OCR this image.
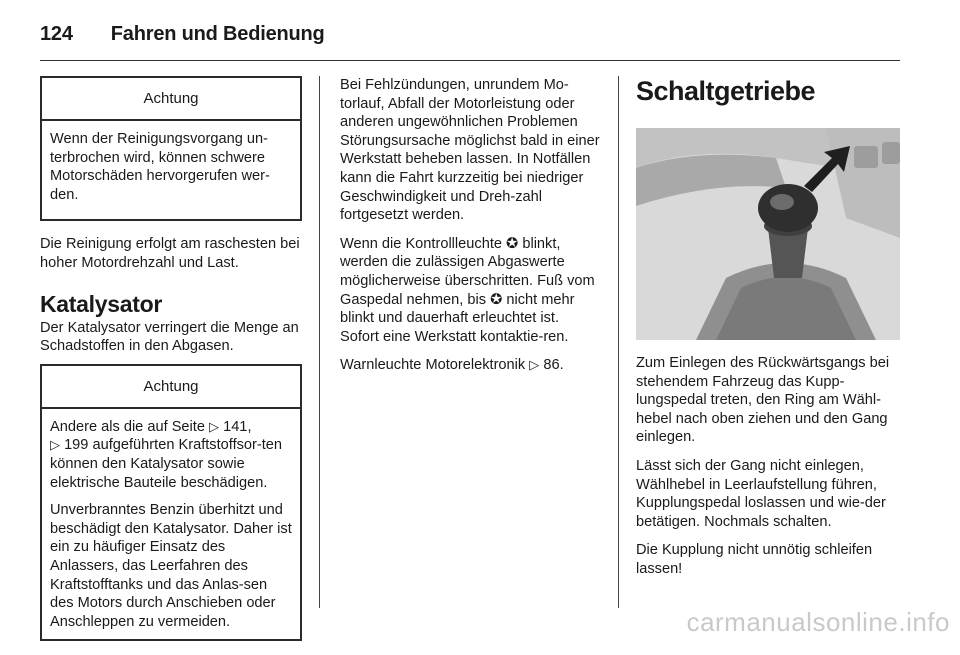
124 Fahren und Bedienung
Achtung

Wenn der Reinigungsvorgang un-terbrochen wird, können schwere Motorschäden hervorgerufen wer-den.

Die Reinigung erfolgt am raschesten bei hoher Motordrehzahl und Last.

Katalysator

Der Katalysator verringert die Menge an Schadstoffen in den Abgasen.

Achtung

Andere als die auf Seite ▷ 141,
▷ 199 aufgeführten Kraftstoffsor-ten können den Katalysator sowie elektrische Bauteile beschädigen.

Unverbranntes Benzin überhitzt und beschädigt den Katalysator. Daher ist ein zu häufiger Einsatz des Anlassers, das Leerfahren des Kraftstofftanks und das Anlas-sen des Motors durch Anschieben oder Anschleppen zu vermeiden.

Bei Fehlzündungen, unrundem Mo-torlauf, Abfall der Motorleistung oder anderen ungewöhnlichen Problemen Störungsursache möglichst bald in einer Werkstatt beheben lassen. In Notfällen kann die Fahrt kurzzeitig bei niedriger Geschwindigkeit und Dreh-zahl fortgesetzt werden.

Wenn die Kontrollleuchte ✪ blinkt, werden die zulässigen Abgaswerte möglicherweise überschritten. Fuß vom Gaspedal nehmen, bis ✪ nicht mehr blinkt und dauerhaft erleuchtet ist. Sofort eine Werkstatt kontaktie-ren.

Warnleuchte Motorelektronik ▷ 86.

Schaltgetriebe

Zum Einlegen des Rückwärtsgangs bei stehendem Fahrzeug das Kupp-lungspedal treten, den Ring am Wähl-hebel nach oben ziehen und den Gang einlegen.

Lässt sich der Gang nicht einlegen, Wählhebel in Leerlaufstellung führen, Kupplungspedal loslassen und wie-der betätigen. Nochmals schalten.

Die Kupplung nicht unnötig schleifen lassen!

carmanualsonline.info
